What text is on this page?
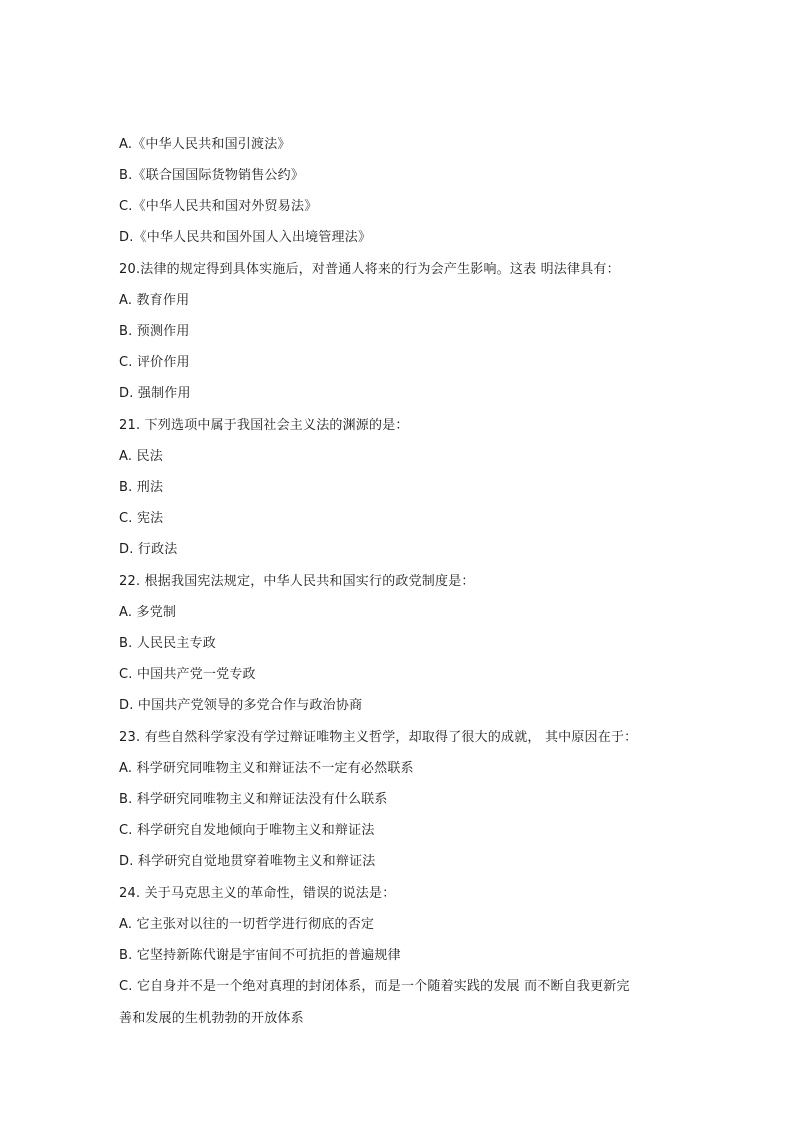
A.《中华人民共和国引渡法》
B.《联合国国际货物销售公约》
C.《中华人民共和国对外贸易法》
D.《中华人民共和国外国人入出境管理法》
20.法律的规定得到具体实施后，对普通人将来的行为会产生影响。这表 明法律具有：
A. 教育作用
B. 预测作用
C. 评价作用
D. 强制作用
21. 下列选项中属于我国社会主义法的渊源的是：
A. 民法
B. 刑法
C. 宪法
D. 行政法
22. 根据我国宪法规定，中华人民共和国实行的政党制度是：
A. 多党制
B. 人民民主专政
C. 中国共产党一党专政
D. 中国共产党领导的多党合作与政治协商
23. 有些自然科学家没有学过辩证唯物主义哲学，却取得了很大的成就， 其中原因在于：
A. 科学研究同唯物主义和辩证法不一定有必然联系
B. 科学研究同唯物主义和辩证法没有什么联系
C. 科学研究自发地倾向于唯物主义和辩证法
D. 科学研究自觉地贯穿着唯物主义和辩证法
24. 关于马克思主义的革命性，错误的说法是：
A. 它主张对以往的一切哲学进行彻底的否定
B. 它坚持新陈代谢是宇宙间不可抗拒的普遍规律
C. 它自身并不是一个绝对真理的封闭体系，而是一个随着实践的发展 而不断自我更新完
善和发展的生机勃勃的开放体系
